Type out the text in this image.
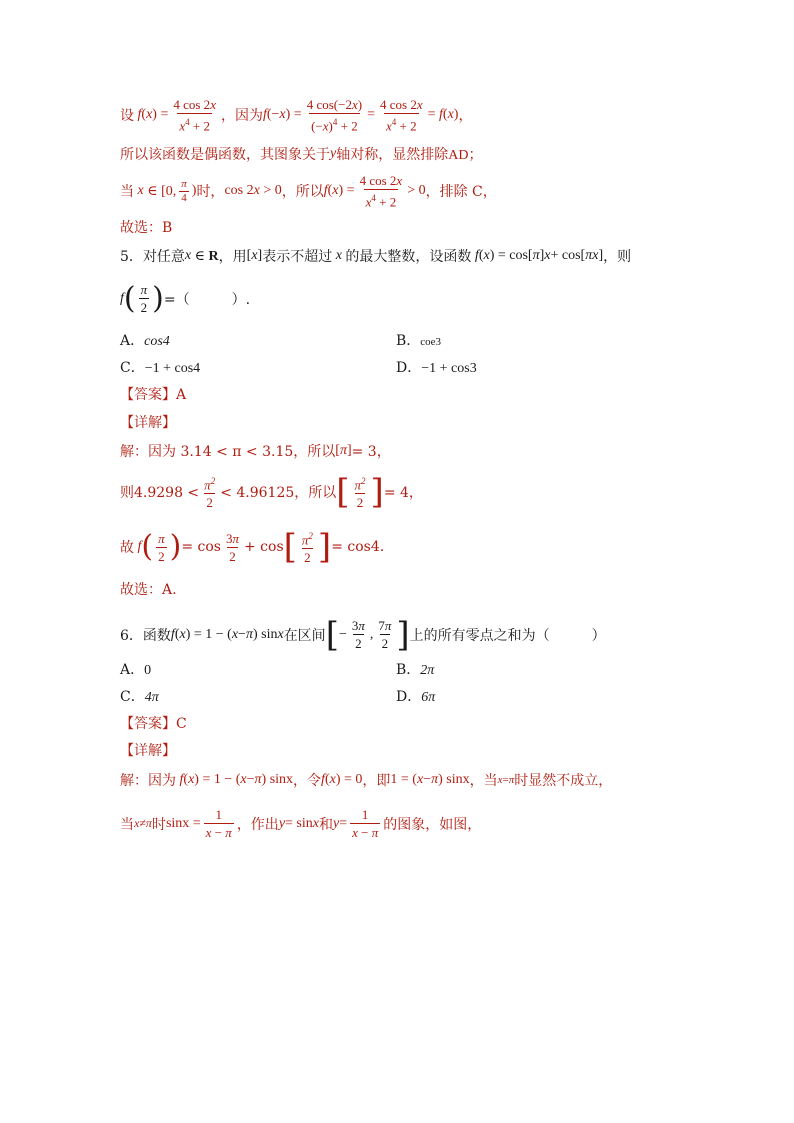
设 f ( x ) = $\frac{4 \cos 2x}{x^4 + 2}$ ，因为 f (− x ) = $\frac{4 \cos(-2x)}{(-x)^4 + 2} = \frac{4 \cos 2x}{x^4 + 2} = f$ ( x ) ，
所以该函数是偶函数，其图象关于 y 轴对称，显然排除 AD；
当 x ∈ [0, $\frac{\pi}{4}$ ) 时， cos 2x > 0 ，所以 f ( x ) = $\frac{4 \cos 2x}{x^4 + 2} > 0$ ，排除 C，
故选：B
5．对任意 x ∈ R ，用 [ x ] 表示不超过 x 的最大整数，设函数 f ( x ) = cos[ π ] x + cos[ πx ] ，则
f ( $\frac{\pi}{2}$ ) =（　　　）.
A．cos4	B．coe3
C．−1 + cos4	D．−1 + cos3
【答案】A
【详解】
解：因为 3.14 < π < 3.15，所以 [ π ] = 3，
则$4.9298 < \frac{\pi^2}{2} < 4.96125$，所以 [ $\frac{\pi^2}{2}$ ] = 4，
故 f ( $\frac{\pi}{2}$ ) = $\cos \frac{3\pi}{2} + \cos$ [ $\frac{\pi^2}{2}$ ] = cos4.
故选：A.
6．函数 f ( x ) = 1 − ( x − π ) sin x 在区间 [ − $\frac{3\pi}{2}$ , $\frac{7\pi}{2}$ ] 上的所有零点之和为（　　　）
A．0	B．2π
C．4π	D．6π
【答案】C
【详解】
解：因为 f ( x ) = 1 − ( x − π ) sinx ，令 f ( x ) = 0 ，即 1 = ( x − π ) sinx ，当 x = π 时显然不成立，
当 x ≠ π 时 $\sin x = \frac{1}{x - \pi}$ ，作出 y = sin x 和 $y = \frac{1}{x - \pi}$ 的图象，如图，
